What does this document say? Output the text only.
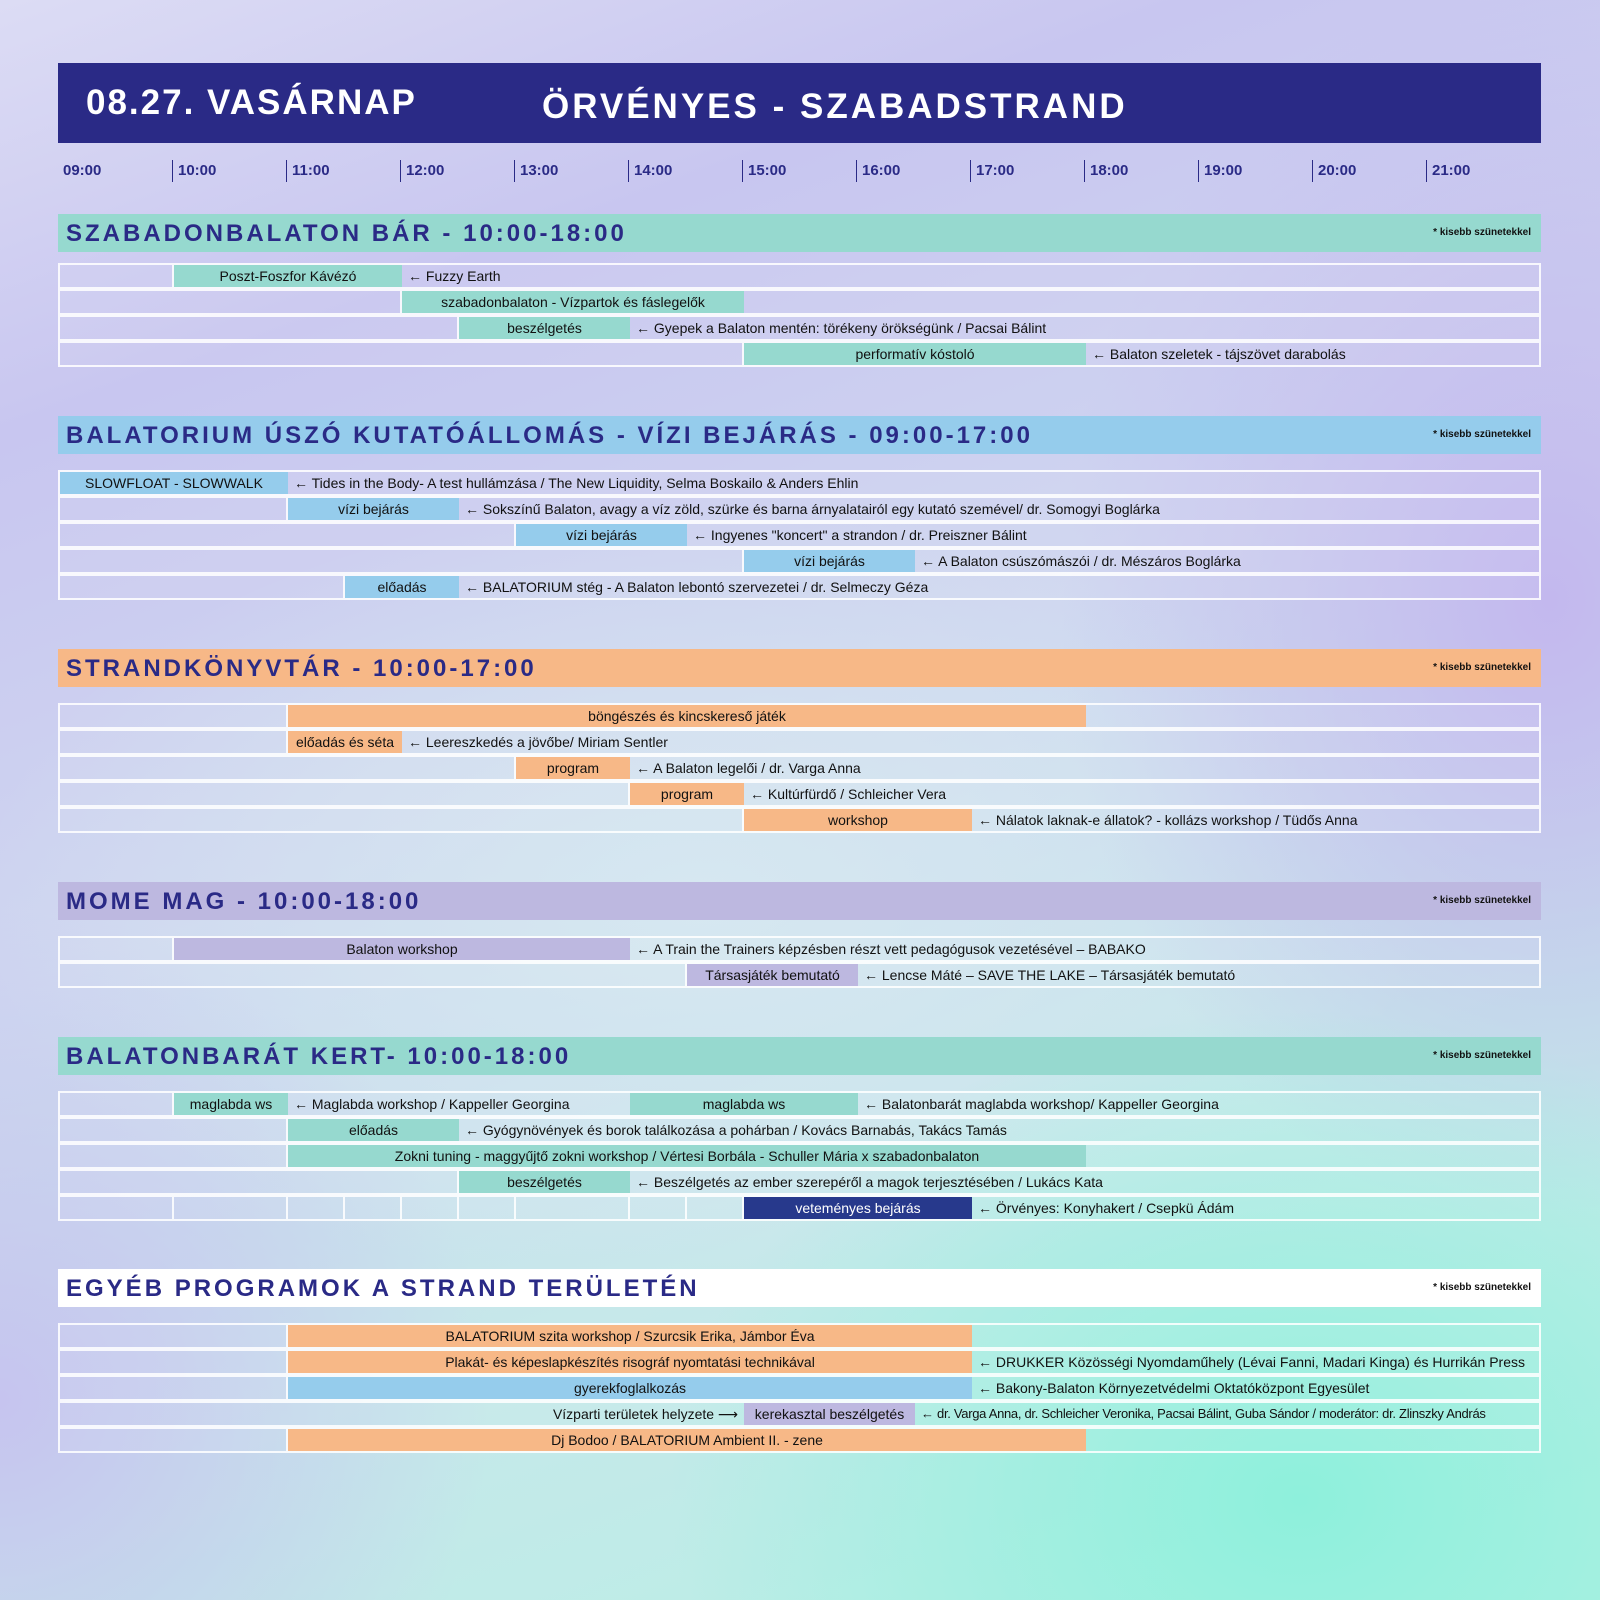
08.27. VASÁRNAP	ÖRVÉNYES - SZABADSTRAND
09:00	10:00	11:00	12:00	13:00	14:00	15:00	16:00	17:00	18:00	19:00	20:00	21:00
SZABADONBALATON BÁR - 10:00-18:00	* kisebb szünetekkel
Poszt-Foszfor Kávézó	← Fuzzy Earth
szabadonbalaton - Vízpartok és fáslegelők
beszélgetés	← Gyepek a Balaton mentén: törékeny örökségünk / Pacsai Bálint
performatív kóstoló	← Balaton szeletek - tájszövet darabolás
BALATORIUM ÚSZÓ KUTATÓÁLLOMÁS - VÍZI BEJÁRÁS - 09:00-17:00	* kisebb szünetekkel
SLOWFLOAT - SLOWWALK	← Tides in the Body- A test hullámzása / The New Liquidity, Selma Boskailo & Anders Ehlin
vízi bejárás	← Sokszínű Balaton, avagy a víz zöld, szürke és barna árnyalatairól egy kutató szemével/ dr. Somogyi Boglárka
vízi bejárás	← Ingyenes "koncert" a strandon / dr. Preiszner Bálint
vízi bejárás	← A Balaton csúszómászói / dr. Mészáros Boglárka
előadás	← BALATORIUM stég - A Balaton lebontó szervezetei / dr. Selmeczy Géza
STRANDKÖNYVTÁR - 10:00-17:00	* kisebb szünetekkel
böngészés és kincskereső játék
előadás és séta ← Leereszkedés a jövőbe/ Miriam Sentler
program	← A Balaton legelői / dr. Varga Anna
program	← Kultúrfürdő / Schleicher Vera
workshop	← Nálatok laknak-e állatok? - kollázs workshop / Tüdős Anna
MOME MAG - 10:00-18:00	* kisebb szünetekkel
Balaton workshop	← A Train the Trainers képzésben részt vett pedagógusok vezetésével – BABAKO
Társasjáték bemutató	← Lencse Máté – SAVE THE LAKE – Társasjáték bemutató
BALATONBARÁT KERT- 10:00-18:00	* kisebb szünetekkel
maglabda ws	← Maglabda workshop / Kappeller Georgina	maglabda ws	← Balatonbarát maglabda workshop/ Kappeller Georgina
előadás	← Gyógynövények és borok találkozása a pohárban / Kovács Barnabás, Takács Tamás
Zokni tuning - maggyűjtő zokni workshop / Vértesi Borbála - Schuller Mária x szabadonbalaton
beszélgetés	← Beszélgetés az ember szerepéről a magok terjesztésében / Lukács Kata
veteményes bejárás	← Örvényes: Konyhakert / Csepkü Ádám
EGYÉB PROGRAMOK A STRAND TERÜLETÉN	* kisebb szünetekkel
BALATORIUM szita workshop / Szurcsik Erika, Jámbor Éva
Plakát- és képeslapkészítés risográf nyomtatási technikával	← DRUKKER Közösségi Nyomdaműhely (Lévai Fanni, Madari Kinga) és Hurrikán Press
gyerekfoglalkozás	← Bakony-Balaton Környezetvédelmi Oktatóközpont Egyesület
Vízparti területek helyzete ⟶	kerekasztal beszélgetés	← dr. Varga Anna, dr. Schleicher Veronika, Pacsai Bálint, Guba Sándor / moderátor: dr. Zlinszky András
Dj Bodoo / BALATORIUM Ambient II. - zene
